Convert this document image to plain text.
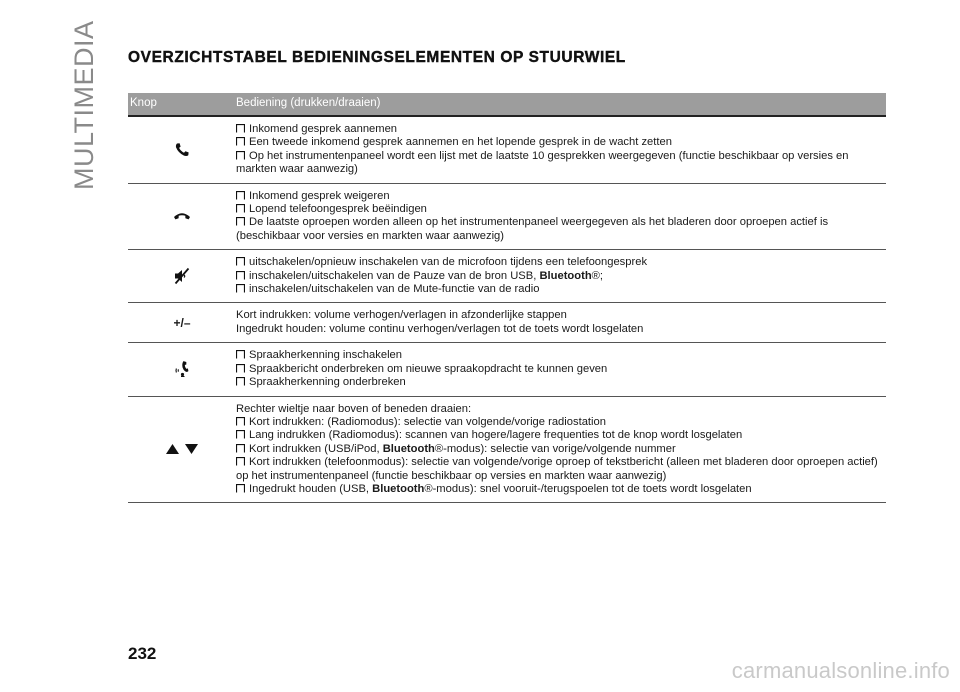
MULTIMEDIA	OVERZICHTSTABEL BEDIENINGSELEMENTEN OP STUURWIEL
Knop	Bediening (drukken/draaien)
Inkomend gesprek aannemen
Een tweede inkomend gesprek aannemen en het lopende gesprek in de wacht zetten
Op het instrumentenpaneel wordt een lijst met de laatste 10 gesprekken weergegeven (functie beschikbaar op versies en markten waar aanwezig)
Inkomend gesprek weigeren
Lopend telefoongesprek beëindigen
De laatste oproepen worden alleen op het instrumentenpaneel weergegeven als het bladeren door oproepen actief is (beschikbaar voor versies en markten waar aanwezig)
uitschakelen/opnieuw inschakelen van de microfoon tijdens een telefoongesprek
inschakelen/uitschakelen van de Pauze van de bron USB, Bluetooth®;
inschakelen/uitschakelen van de Mute-functie van de radio
+/–
Kort indrukken: volume verhogen/verlagen in afzonderlijke stappen
Ingedrukt houden: volume continu verhogen/verlagen tot de toets wordt losgelaten
Spraakherkenning inschakelen
Spraakbericht onderbreken om nieuwe spraakopdracht te kunnen geven
Spraakherkenning onderbreken
Rechter wieltje naar boven of beneden draaien:
Kort indrukken: (Radiomodus): selectie van volgende/vorige radiostation
Lang indrukken (Radiomodus): scannen van hogere/lagere frequenties tot de knop wordt losgelaten
Kort indrukken (USB/iPod, Bluetooth®-modus): selectie van vorige/volgende nummer
Kort indrukken (telefoonmodus): selectie van volgende/vorige oproep of tekstbericht (alleen met bladeren door oproepen actief) op het instrumentenpaneel (functie beschikbaar op versies en markten waar aanwezig)
Ingedrukt houden (USB, Bluetooth®-modus): snel vooruit-/terugspoelen tot de toets wordt losgelaten
232
carmanualsonline.info
